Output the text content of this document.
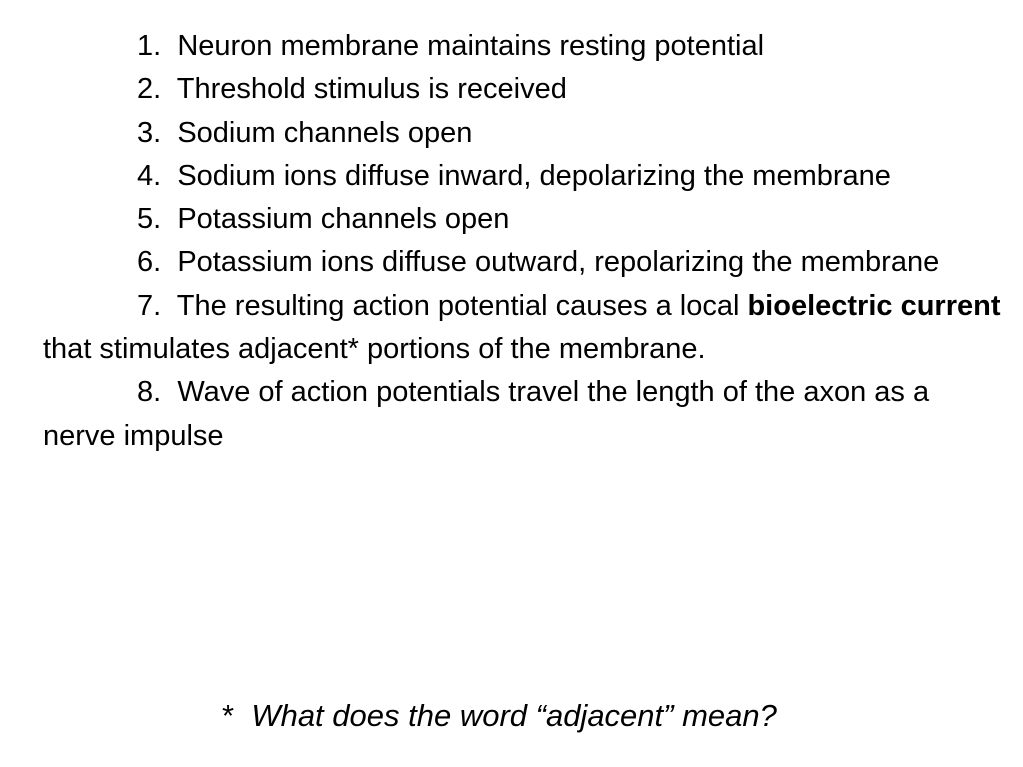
1. Neuron membrane maintains resting potential

2. Threshold stimulus is received

3. Sodium channels open

4. Sodium ions diffuse inward, depolarizing the membrane

5. Potassium channels open

6. Potassium ions diffuse outward, repolarizing the membrane

7. The resulting action potential causes a local bioelectric current that stimulates adjacent* portions of the membrane.

8. Wave of action potentials travel the length of the axon as a nerve impulse

* What does the word “adjacent” mean?
